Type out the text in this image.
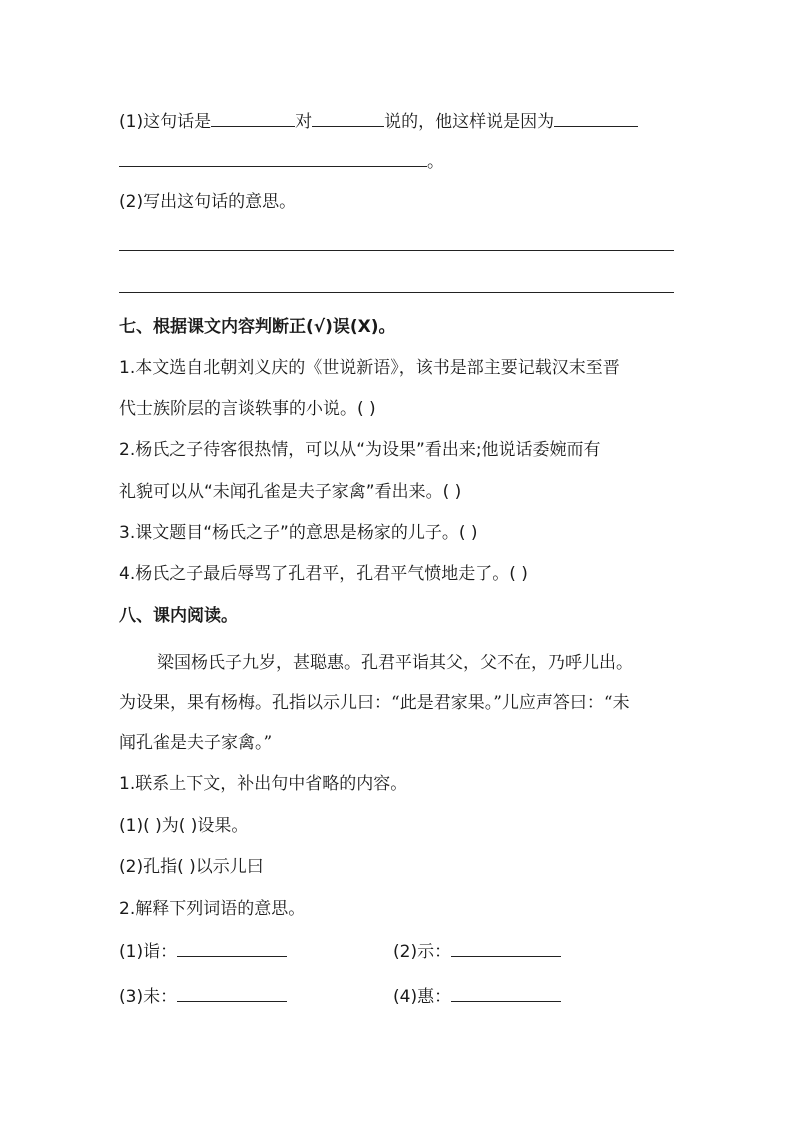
(1)这句话是	对	说的，他这样说是因为
。
(2)写出这句话的意思。
七、根据课文内容判断正(√)误(X)。
1.本文选自北朝刘义庆的《世说新语》，该书是部主要记载汉末至晋
代士族阶层的言谈轶事的小说。( )
2.杨氏之子待客很热情，可以从“为设果”看出来;他说话委婉而有
礼貌可以从“未闻孔雀是夫子家禽”看出来。( )
3.课文题目“杨氏之子”的意思是杨家的儿子。( )
4.杨氏之子最后辱骂了孔君平，孔君平气愤地走了。( )
八、课内阅读。
梁国杨氏子九岁，甚聪惠。孔君平诣其父，父不在，乃呼儿出。
为设果，果有杨梅。孔指以示儿曰：“此是君家果。”儿应声答曰：“未
闻孔雀是夫子家禽。”
1.联系上下文，补出句中省略的内容。
(1)( )为( )设果。
(2)孔指( )以示儿曰
2.解释下列词语的意思。
(1)诣：	(2)示：
(3)未：	(4)惠：
